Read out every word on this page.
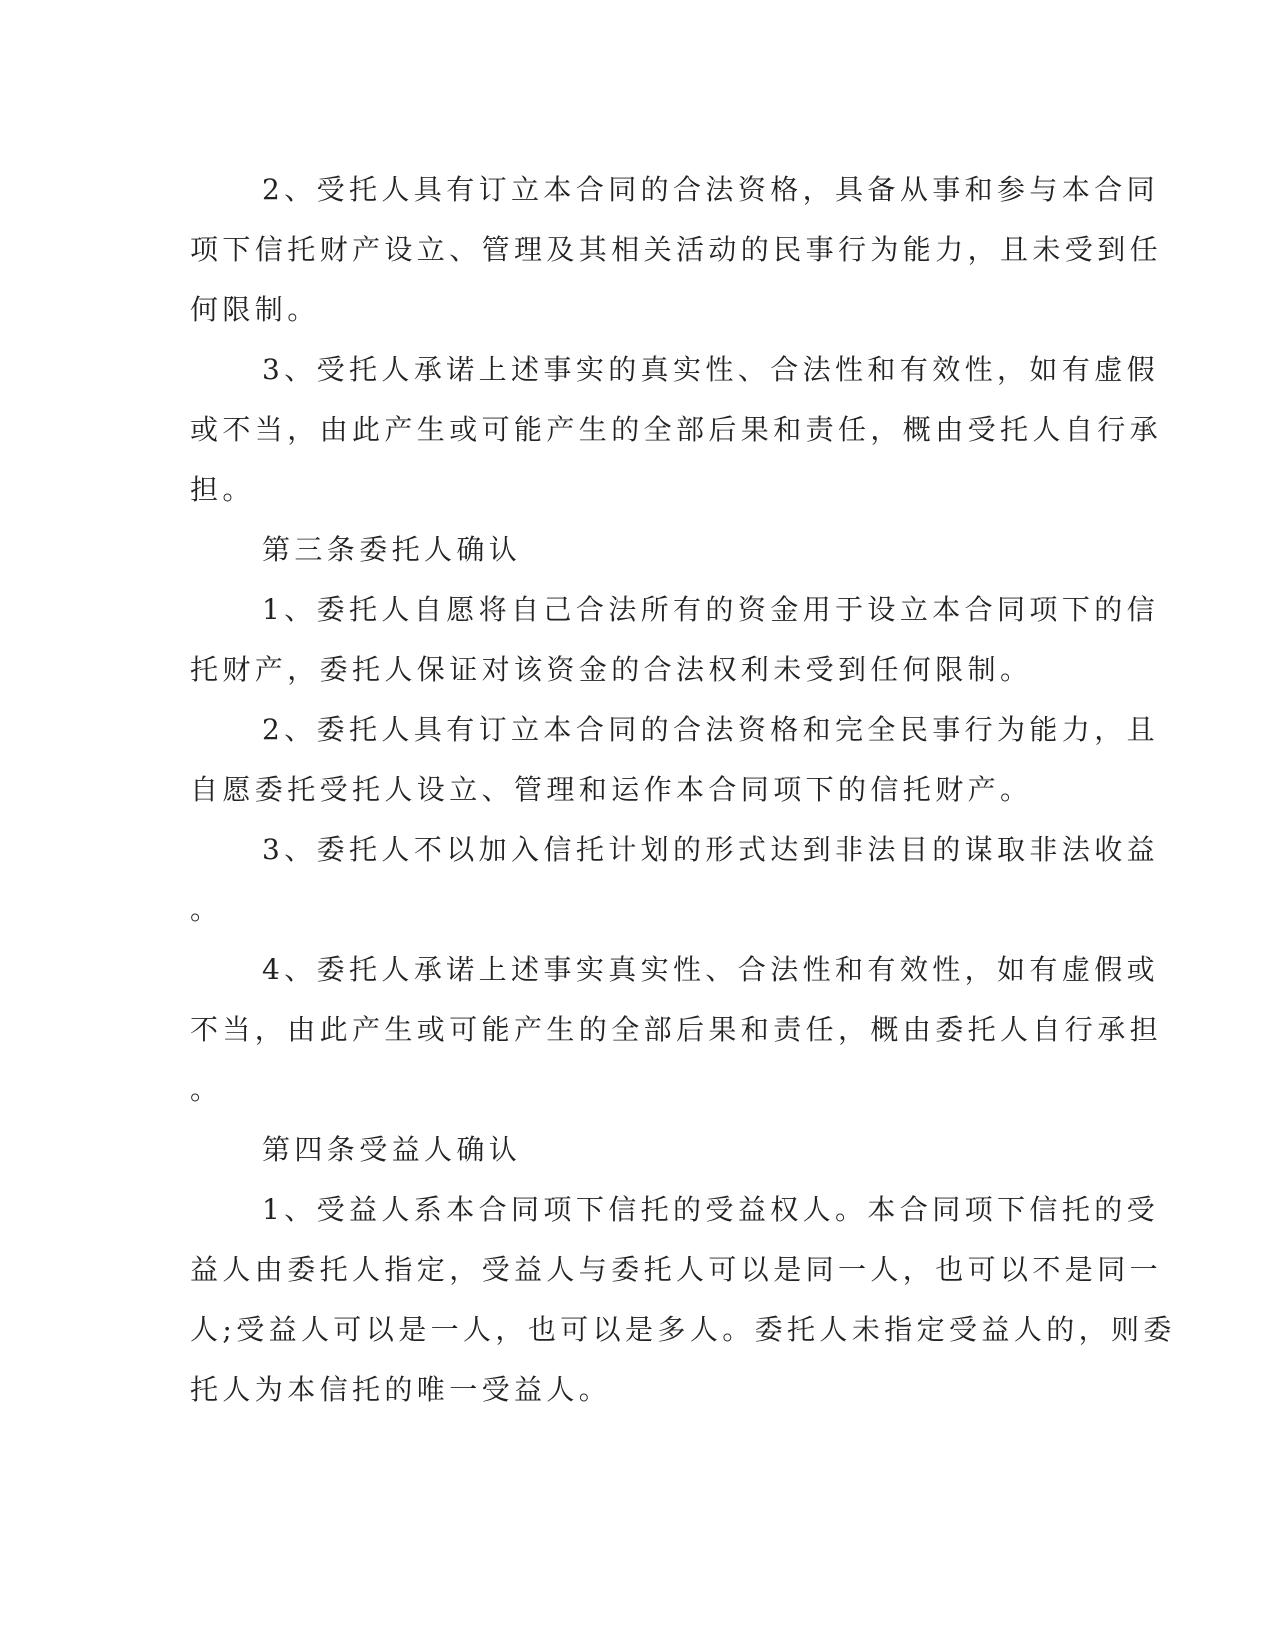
2、受托人具有订立本合同的合法资格，具备从事和参与本合同
项下信托财产设立、管理及其相关活动的民事行为能力，且未受到任
何限制。
3、受托人承诺上述事实的真实性、合法性和有效性，如有虚假
或不当，由此产生或可能产生的全部后果和责任，概由受托人自行承
担。
第三条委托人确认
1、委托人自愿将自己合法所有的资金用于设立本合同项下的信
托财产，委托人保证对该资金的合法权利未受到任何限制。
2、委托人具有订立本合同的合法资格和完全民事行为能力，且
自愿委托受托人设立、管理和运作本合同项下的信托财产。
3、委托人不以加入信托计划的形式达到非法目的谋取非法收益
。
4、委托人承诺上述事实真实性、合法性和有效性，如有虚假或
不当，由此产生或可能产生的全部后果和责任，概由委托人自行承担
。
第四条受益人确认
1、受益人系本合同项下信托的受益权人。本合同项下信托的受
益人由委托人指定，受益人与委托人可以是同一人，也可以不是同一
人;受益人可以是一人，也可以是多人。委托人未指定受益人的，则委
托人为本信托的唯一受益人。
